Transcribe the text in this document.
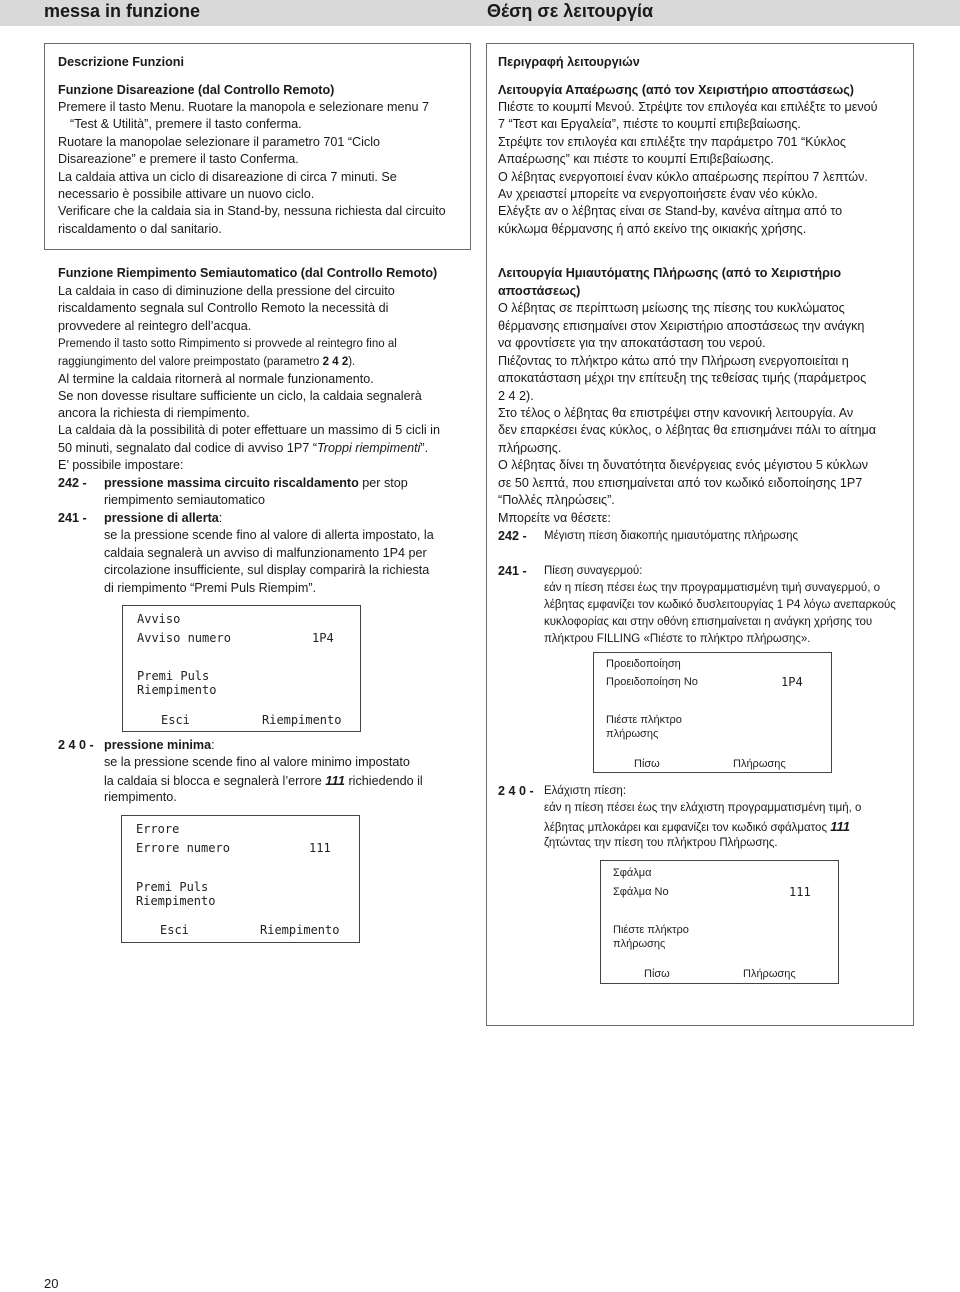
messa in funzione	Θέση σε λειτουργία

Descrizione Funzioni

Funzione Disareazione (dal Controllo Remoto)

Premere il tasto Menu. Ruotare la manopola e selezionare menu 7

“Test & Utilità”, premere il tasto conferma.

Ruotare la manopolae selezionare il parametro 701 “Ciclo

Disareazione” e premere il tasto Conferma.

La caldaia attiva un ciclo di disareazione di circa 7 minuti. Se

necessario è possibile attivare un nuovo ciclo.

Verificare che la caldaia sia in Stand-by, nessuna richiesta dal circuito

riscaldamento o dal sanitario.

Funzione Riempimento Semiautomatico (dal Controllo Remoto)

La caldaia in caso di diminuzione della pressione del circuito

riscaldamento segnala sul Controllo Remoto la necessità di

provvedere al reintegro dell’acqua.

Premendo il tasto sotto Rimpimento si provvede al reintegro fino al

raggiungimento del valore preimpostato (parametro 2 4 2).

Al termine la caldaia ritornerà al normale funzionamento.

Se non dovesse risultare sufficiente un ciclo, la caldaia segnalerà

ancora la richiesta di riempimento.

La caldaia dà la possibilità di poter effettuare un massimo di 5 cicli in

50 minuti, segnalato dal codice di avviso 1P7 “Troppi riempimenti”.

E’ possibile impostare:

242 - pressione massima circuito riscaldamento per stop
riempimento semiautomatico
241 - pressione di allerta:
se la pressione scende fino al valore di allerta impostato, la
caldaia segnalerà un avviso di malfunzionamento 1P4 per
circolazione insufficiente, sul display comparirà la richiesta
di riempimento “Premi Puls Riempim”.
Avviso
Avviso numero	1P4
Premi Puls
Riempimento
Esci	Riempimento
2 4 0 - pressione minima:
se la pressione scende fino al valore minimo impostato
la caldaia si blocca e segnalerà l’errore 111 richiedendo il
riempimento.
Errore
Errore numero	111
Premi Puls
Riempimento
Esci	Riempimento

Περιγραφή λειτουργιών

Λειτουργία Απαέρωσης (από τον Χειριστήριο αποστάσεως)

Πιέστε το κουμπί Μενού. Στρέψτε τον επιλογέα και επιλέξτε το μενού

7 “Τεστ και Εργαλεία”, πιέστε το κουμπί επιβεβαίωσης.

Στρέψτε τον επιλογέα και επιλέξτε την παράμετρο 701 “Κύκλος

Απαέρωσης” και πιέστε το κουμπί Επιβεβαίωσης.

Ο λέβητας ενεργοποιεί έναν κύκλο απαέρωσης περίπου 7 λεπτών.

Αν χρειαστεί μπορείτε να ενεργοποιήσετε έναν νέο κύκλο.

Ελέγξτε αν ο λέβητας είναι σε Stand-by, κανένα αίτημα από το

κύκλωμα θέρμανσης ή από εκείνο της οικιακής χρήσης.

Λειτουργία Ημιαυτόματης Πλήρωσης (από το Χειριστήριο

αποστάσεως)

Ο λέβητας σε περίπτωση μείωσης της πίεσης του κυκλώματος

θέρμανσης επισημαίνει στον Χειριστήριο αποστάσεως την ανάγκη

να φροντίσετε για την αποκατάσταση του νερού.

Πιέζοντας το πλήκτρο κάτω από την Πλήρωση ενεργοποιείται η

αποκατάσταση μέχρι την επίτευξη της τεθείσας τιμής (παράμετρος

2 4 2).

Στο τέλος ο λέβητας θα επιστρέψει στην κανονική λειτουργία. Αν

δεν επαρκέσει ένας κύκλος, ο λέβητας θα επισημάνει πάλι το αίτημα

πλήρωσης.

Ο λέβητας δίνει τη δυνατότητα διενέργειας ενός μέγιστου 5 κύκλων

σε 50 λεπτά, που επισημαίνεται από τον κωδικό ειδοποίησης 1P7

“Πολλές πληρώσεις”.

Μπορείτε να θέσετε:

242 - Μέγιστη πίεση διακοπής ημιαυτόματης πλήρωσης
241 - Πίεση συναγερμού:
εάν η πίεση πέσει έως την προγραμματισμένη τιμή συναγερμού, ο
λέβητας εμφανίζει τον κωδικό δυσλειτουργίας 1 P4 λόγω ανεπαρκούς
κυκλοφορίας και στην οθόνη επισημαίνεται η ανάγκη χρήσης του
πλήκτρου FILLING «Πιέστε το πλήκτρο πλήρωσης».
Προειδοποίηση
Προειδοποίηση Νο	1P4
Πιέστε πλήκτρο
πλήρωσης
Πίσω	Πλήρωσης
2 4 0 - Ελάχιστη πίεση:
εάν η πίεση πέσει έως την ελάχιστη προγραμματισμένη τιμή, ο
λέβητας μπλοκάρει και εμφανίζει τον κωδικό σφάλματος 111
ζητώντας την πίεση του πλήκτρου Πλήρωσης.
Σφάλμα
Σφάλμα Νο	111
Πιέστε πλήκτρο
πλήρωσης
Πίσω	Πλήρωσης
20
